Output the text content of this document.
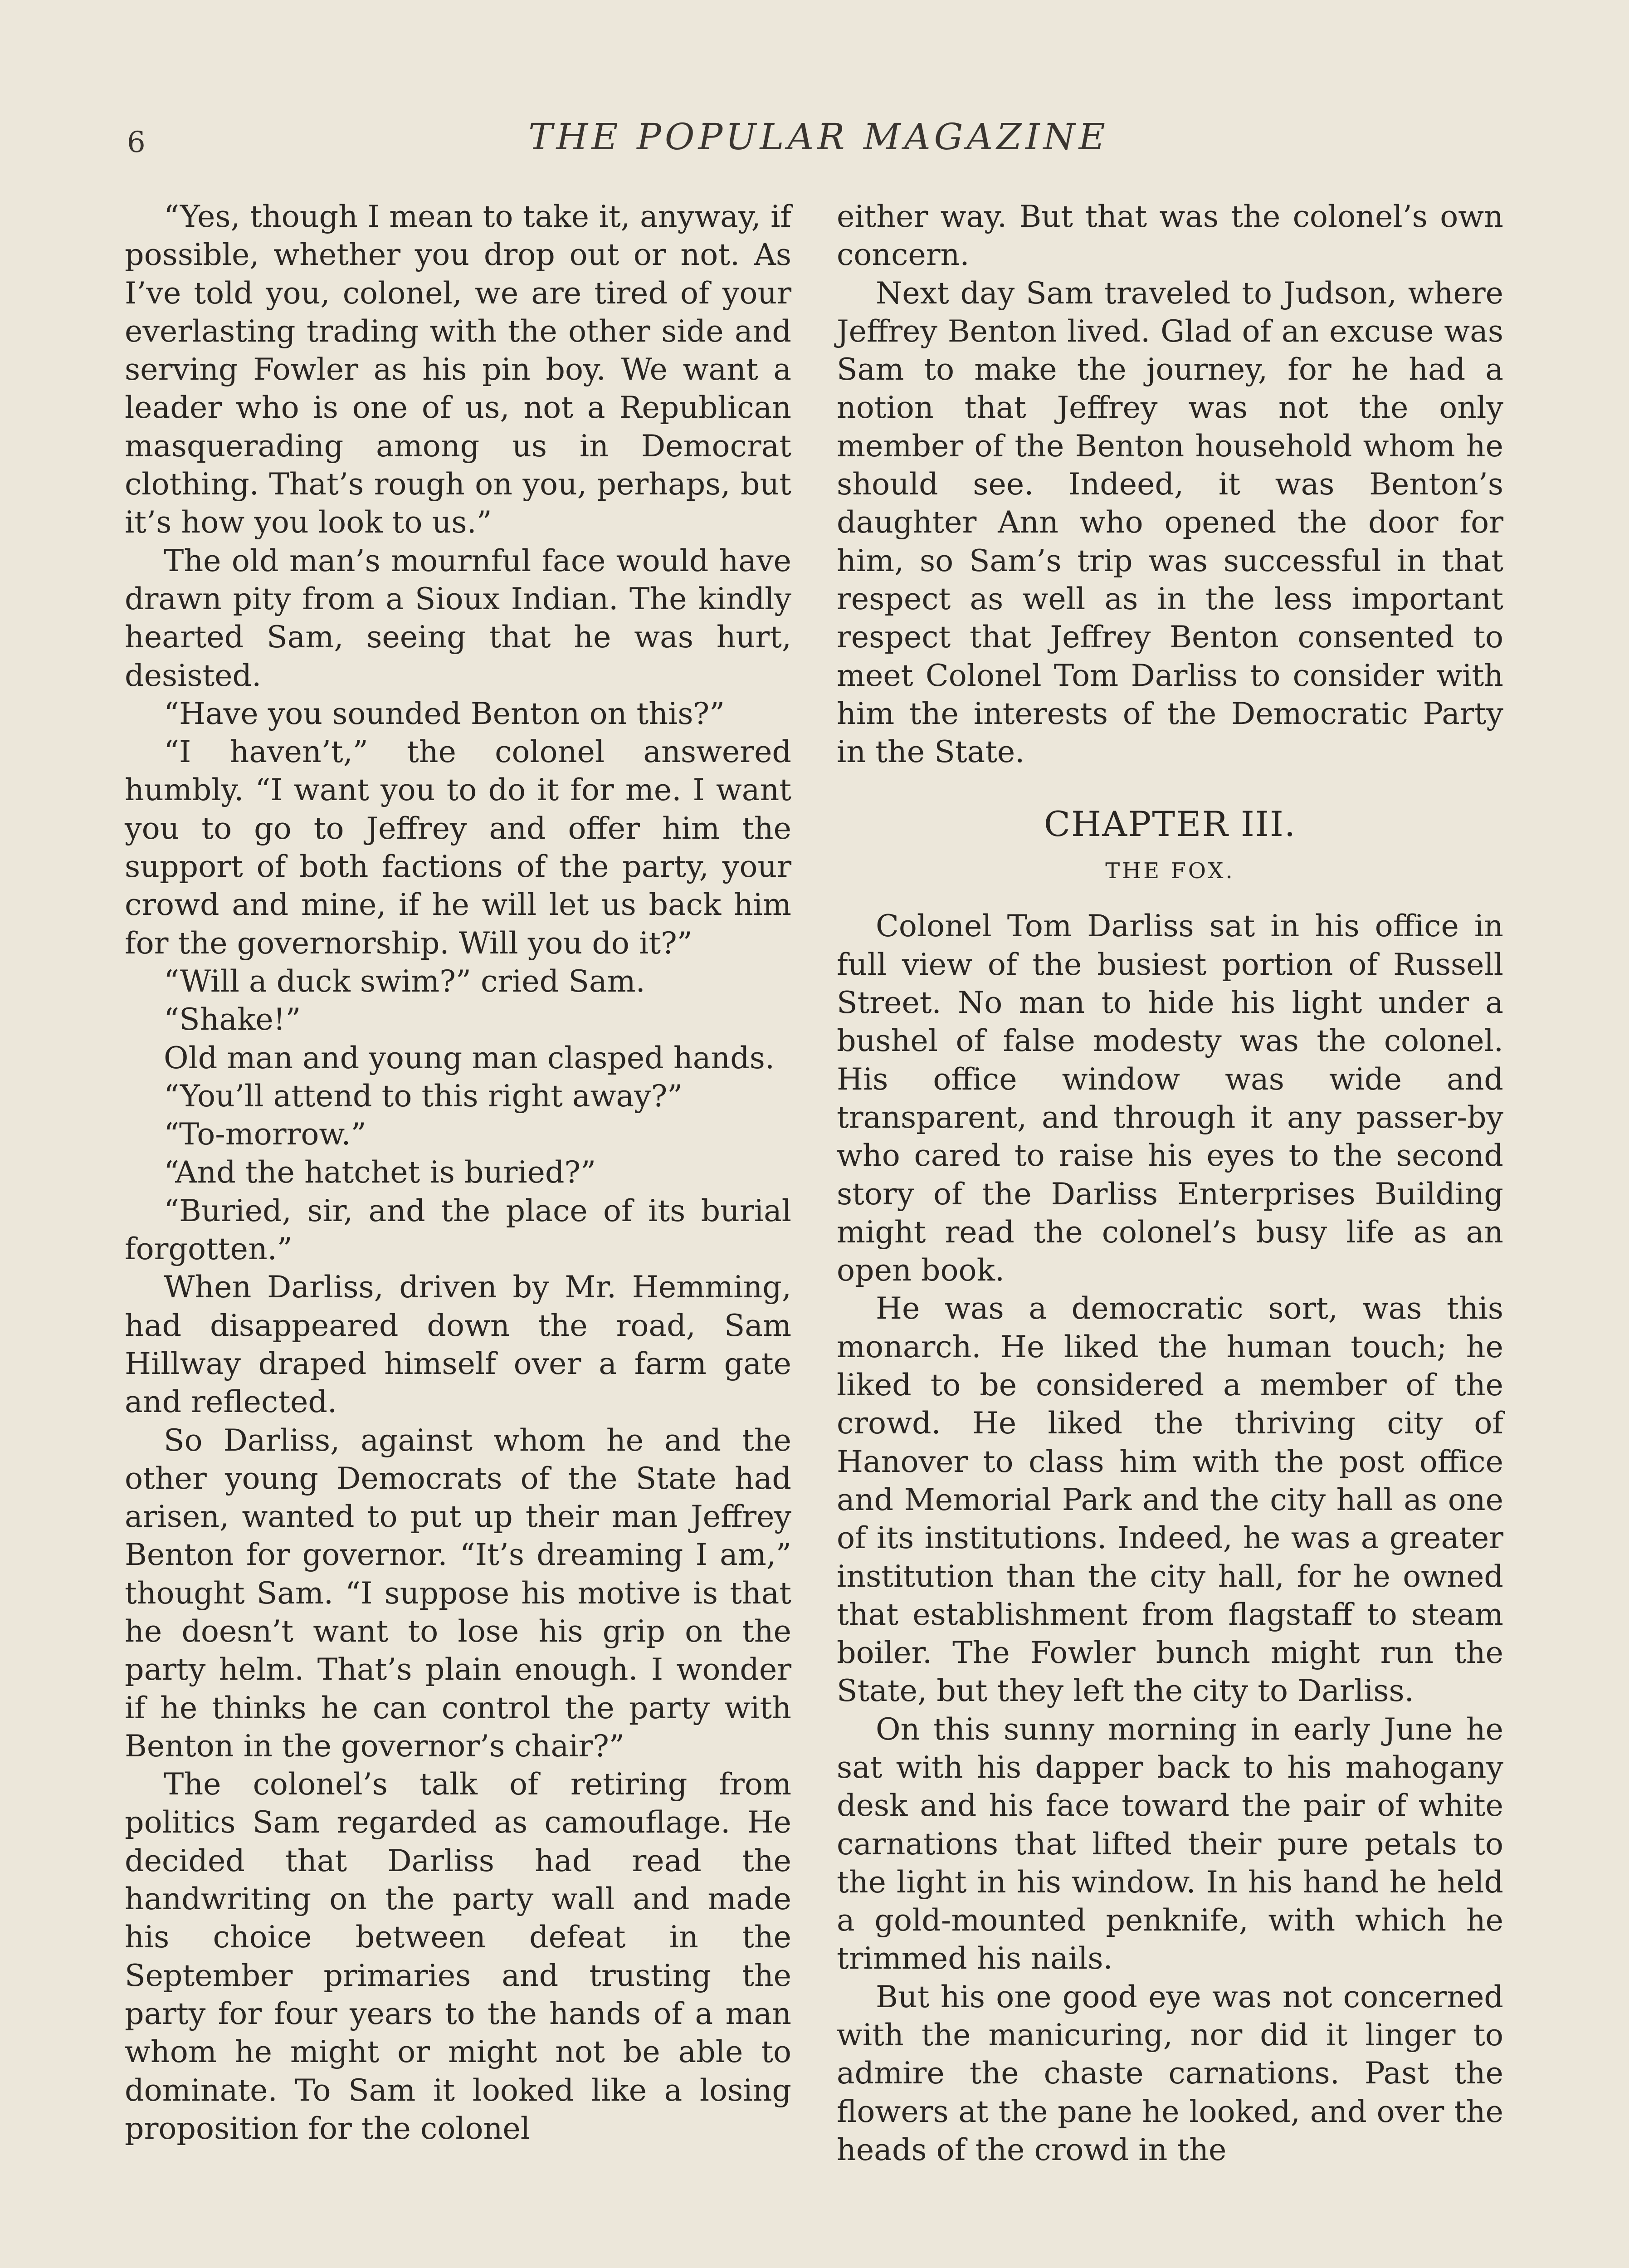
6	THE POPULAR MAGAZINE

“Yes, though I mean to take it, anyway, if possible, whether you drop out or not. As I’ve told you, colonel, we are tired of your everlasting trading with the other side and serving Fowler as his pin boy. We want a leader who is one of us, not a Republican masquerading among us in Democrat clothing. That’s rough on you, perhaps, but it’s how you look to us.”

The old man’s mournful face would have drawn pity from a Sioux Indian. The kindly hearted Sam, seeing that he was hurt, desisted.

“Have you sounded Benton on this?”

“I haven’t,” the colonel answered humbly. “I want you to do it for me. I want you to go to Jeffrey and offer him the support of both factions of the party, your crowd and mine, if he will let us back him for the governorship. Will you do it?”

“Will a duck swim?” cried Sam.

“Shake!”

Old man and young man clasped hands.

“You’ll attend to this right away?”

“To-morrow.”

“And the hatchet is buried?”

“Buried, sir, and the place of its burial forgotten.”

When Darliss, driven by Mr. Hemming, had disappeared down the road, Sam Hillway draped himself over a farm gate and reflected.

So Darliss, against whom he and the other young Democrats of the State had arisen, wanted to put up their man Jeffrey Benton for governor. “It’s dreaming I am,” thought Sam. “I suppose his motive is that he doesn’t want to lose his grip on the party helm. That’s plain enough. I wonder if he thinks he can control the party with Benton in the governor’s chair?”

The colonel’s talk of retiring from politics Sam regarded as camouflage. He decided that Darliss had read the handwriting on the party wall and made his choice between defeat in the September primaries and trusting the party for four years to the hands of a man whom he might or might not be able to dominate. To Sam it looked like a losing proposition for the colonel

either way. But that was the colonel’s own concern.

Next day Sam traveled to Judson, where Jeffrey Benton lived. Glad of an excuse was Sam to make the journey, for he had a notion that Jeffrey was not the only member of the Benton household whom he should see. Indeed, it was Benton’s daughter Ann who opened the door for him, so Sam’s trip was successful in that respect as well as in the less important respect that Jeffrey Benton consented to meet Colonel Tom Darliss to consider with him the interests of the Democratic Party in the State.

CHAPTER III.
THE FOX.

Colonel Tom Darliss sat in his office in full view of the busiest portion of Russell Street. No man to hide his light under a bushel of false modesty was the colonel. His office window was wide and transparent, and through it any passer-by who cared to raise his eyes to the second story of the Darliss Enterprises Building might read the colonel’s busy life as an open book.

He was a democratic sort, was this monarch. He liked the human touch; he liked to be considered a member of the crowd. He liked the thriving city of Hanover to class him with the post office and Memorial Park and the city hall as one of its institutions. Indeed, he was a greater institution than the city hall, for he owned that establishment from flagstaff to steam boiler. The Fowler bunch might run the State, but they left the city to Darliss.

On this sunny morning in early June he sat with his dapper back to his mahogany desk and his face toward the pair of white carnations that lifted their pure petals to the light in his window. In his hand he held a gold-mounted penknife, with which he trimmed his nails.

But his one good eye was not concerned with the manicuring, nor did it linger to admire the chaste carnations. Past the flowers at the pane he looked, and over the heads of the crowd in the
